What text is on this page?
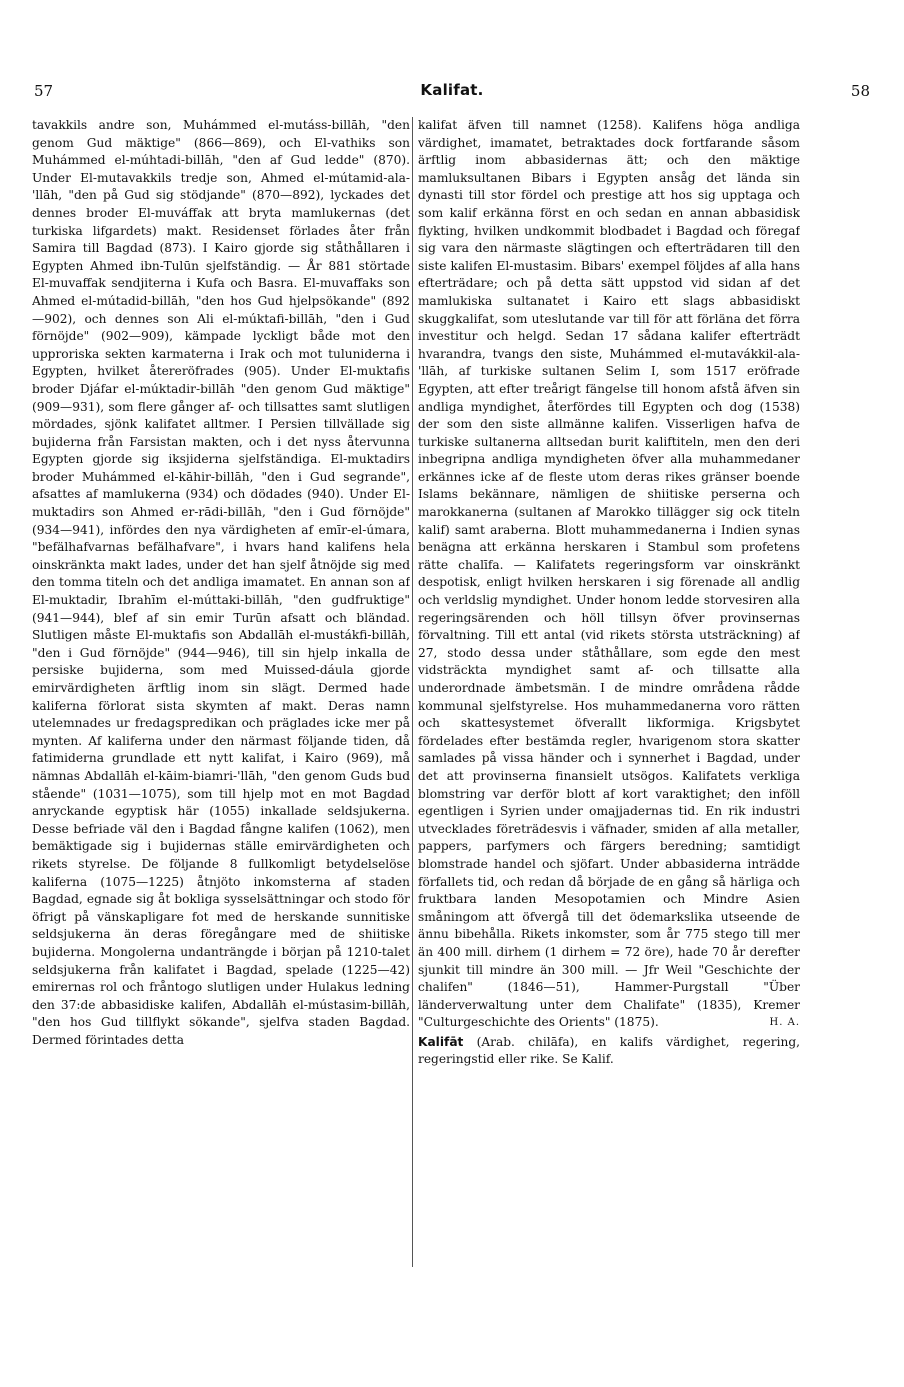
57	Kalifat.	58

tavakkils andre son, Muhámmed el-mutáss-billāh, "den genom Gud mäktige" (866—869), och El-vathiks son Muhámmed el-múhtadi-billāh, "den af Gud ledde" (870). Under El-mutavakkils tredje son, Ahmed el-mútamid-ala-'llāh, "den på Gud sig stödjande" (870—892), lyckades det dennes broder El-muváffak att bryta mamlukernas (det turkiska lifgardets) makt. Residenset förlades åter från Samira till Bagdad (873). I Kairo gjorde sig ståthållaren i Egypten Ahmed ibn-Tulūn sjelfständig. — År 881 störtade El-muvaffak sendjiterna i Kufa och Basra. El-muvaffaks son Ahmed el-mútadid-billāh, "den hos Gud hjelpsökande" (892—902), och dennes son Ali el-múktafi-billāh, "den i Gud förnöjde" (902—909), kämpade lyckligt både mot den upproriska sekten karmaterna i Irak och mot tuluniderna i Egypten, hvilket återeröfrades (905). Under El-muktafis broder Djáfar el-múktadir-billāh "den genom Gud mäktige" (909—931), som flere gånger af- och tillsattes samt slutligen mördades, sjönk kalifatet alltmer. I Persien tillvällade sig bujiderna från Farsistan makten, och i det nyss återvunna Egypten gjorde sig iksjiderna sjelfständiga. El-muktadirs broder Muhámmed el-kāhir-billāh, "den i Gud segrande", afsattes af mamlukerna (934) och dödades (940). Under El-muktadirs son Ahmed er-rādi-billāh, "den i Gud förnöjde" (934—941), infördes den nya värdigheten af emīr-el-úmara, "befälhafvarnas befälhafvare", i hvars hand kalifens hela oinskränkta makt lades, under det han sjelf åtnöjde sig med den tomma titeln och det andliga imamatet. En annan son af El-muktadir, Ibrahīm el-múttaki-billāh, "den gudfruktige" (941—944), blef af sin emir Turūn afsatt och bländad. Slutligen måste El-muktafis son Abdallāh el-mustákfi-billāh, "den i Gud förnöjde" (944—946), till sin hjelp inkalla de persiske bujiderna, som med Muissed-dáula gjorde emirvärdigheten ärftlig inom sin slägt. Dermed hade kaliferna förlorat sista skymten af makt. Deras namn utelemnades ur fredagspredikan och präglades icke mer på mynten. Af kaliferna under den närmast följande tiden, då fatimiderna grundlade ett nytt kalifat, i Kairo (969), må nämnas Abdallāh el-kāim-biamri-'llāh, "den genom Guds bud stående" (1031—1075), som till hjelp mot en mot Bagdad anryckande egyptisk här (1055) inkallade seldsjukerna. Desse befriade väl den i Bagdad fångne kalifen (1062), men bemäktigade sig i bujidernas ställe emirvärdigheten och rikets styrelse. De följande 8 fullkomligt betydelselöse kaliferna (1075—1225) åtnjöto inkomsterna af staden Bagdad, egnade sig åt bokliga sysselsättningar och stodo för öfrigt på vänskapligare fot med de herskande sunnitiske seldsjukerna än deras föregångare med de shiitiske bujiderna. Mongolerna undanträngde i början på 1210-talet seldsjukerna från kalifatet i Bagdad, spelade (1225—42) emirernas rol och fråntogo slutligen under Hulakus ledning den 37:de abbasidiske kalifen, Abdallāh el-mústasim-billāh, "den hos Gud tillflykt sökande", sjelfva staden Bagdad. Dermed förintades detta

kalifat äfven till namnet (1258). Kalifens höga andliga värdighet, imamatet, betraktades dock fortfarande såsom ärftlig inom abbasidernas ätt; och den mäktige mamluksultanen Bibars i Egypten ansåg det lända sin dynasti till stor fördel och prestige att hos sig upptaga och som kalif erkänna först en och sedan en annan abbasidisk flykting, hvilken undkommit blodbadet i Bagdad och föregaf sig vara den närmaste slägtingen och efterträdaren till den siste kalifen El-mustasim. Bibars' exempel följdes af alla hans efterträdare; och på detta sätt uppstod vid sidan af det mamlukiska sultanatet i Kairo ett slags abbasidiskt skuggkalifat, som uteslutande var till för att förläna det förra investitur och helgd. Sedan 17 sådana kalifer efterträdt hvarandra, tvangs den siste, Muhámmed el-mutavákkil-ala-'llāh, af turkiske sultanen Selim I, som 1517 eröfrade Egypten, att efter treårigt fängelse till honom afstå äfven sin andliga myndighet, återfördes till Egypten och dog (1538) der som den siste allmänne kalifen. Visserligen hafva de turkiske sultanerna alltsedan burit kaliftiteln, men den deri inbegripna andliga myndigheten öfver alla muhammedaner erkännes icke af de fleste utom deras rikes gränser boende Islams bekännare, nämligen de shiitiske perserna och marokkanerna (sultanen af Marokko tillägger sig ock titeln kalif) samt araberna. Blott muhammedanerna i Indien synas benägna att erkänna herskaren i Stambul som profetens rätte chalīfa. — Kalifatets regeringsform var oinskränkt despotisk, enligt hvilken herskaren i sig förenade all andlig och verldslig myndighet. Under honom ledde storvesiren alla regeringsärenden och höll tillsyn öfver provinsernas förvaltning. Till ett antal (vid rikets största utsträckning) af 27, stodo dessa under ståthållare, som egde den mest vidsträckta myndighet samt af- och tillsatte alla underordnade ämbetsmän. I de mindre områdena rådde kommunal sjelfstyrelse. Hos muhammedanerna voro rätten och skattesystemet öfverallt likformiga. Krigsbytet fördelades efter bestämda regler, hvarigenom stora skatter samlades på vissa händer och i synnerhet i Bagdad, under det att provinserna finansielt utsögos. Kalifatets verkliga blomstring var derför blott af kort varaktighet; den inföll egentligen i Syrien under omajjadernas tid. En rik industri utvecklades företrädesvis i väfnader, smiden af alla metaller, pappers, parfymers och färgers beredning; samtidigt blomstrade handel och sjöfart. Under abbasiderna inträdde förfallets tid, och redan då började de en gång så härliga och fruktbara landen Mesopotamien och Mindre Asien småningom att öfvergå till det ödemarkslika utseende de ännu bibehålla. Rikets inkomster, som år 775 stego till mer än 400 mill. dirhem (1 dirhem = 72 öre), hade 70 år derefter sjunkit till mindre än 300 mill. — Jfr Weil "Geschichte der chalifen" (1846—51), Hammer-Purgstall "Über länderverwaltung unter dem Chalifate" (1835), Kremer "Culturgeschichte des Orients" (1875).	H. A.

Kalifāt (Arab. chilāfa), en kalifs värdighet, regering, regeringstid eller rike. Se Kalif.
